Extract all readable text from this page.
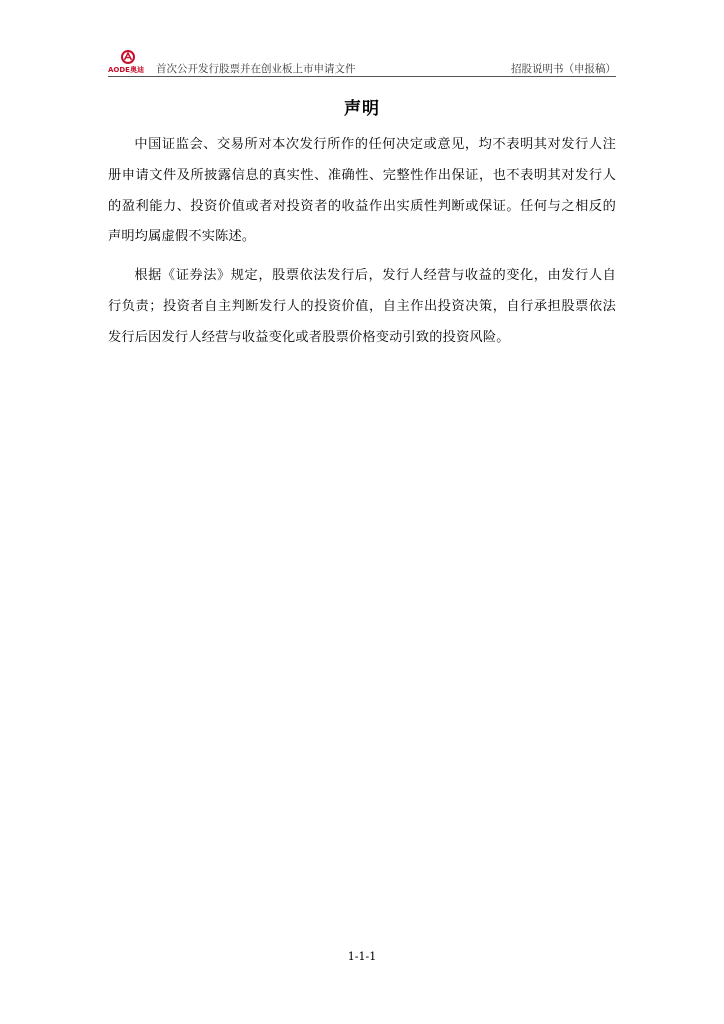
AODE奥迪 首次公开发行股票并在创业板上市申请文件	招股说明书（申报稿）
声明

中国证监会、交易所对本次发行所作的任何决定或意见，均不表明其对发行人注册申请文件及所披露信息的真实性、准确性、完整性作出保证，也不表明其对发行人的盈利能力、投资价值或者对投资者的收益作出实质性判断或保证。任何与之相反的声明均属虚假不实陈述。

根据《证券法》规定，股票依法发行后，发行人经营与收益的变化，由发行人自行负责；投资者自主判断发行人的投资价值，自主作出投资决策，自行承担股票依法发行后因发行人经营与收益变化或者股票价格变动引致的投资风险。

1-1-1
